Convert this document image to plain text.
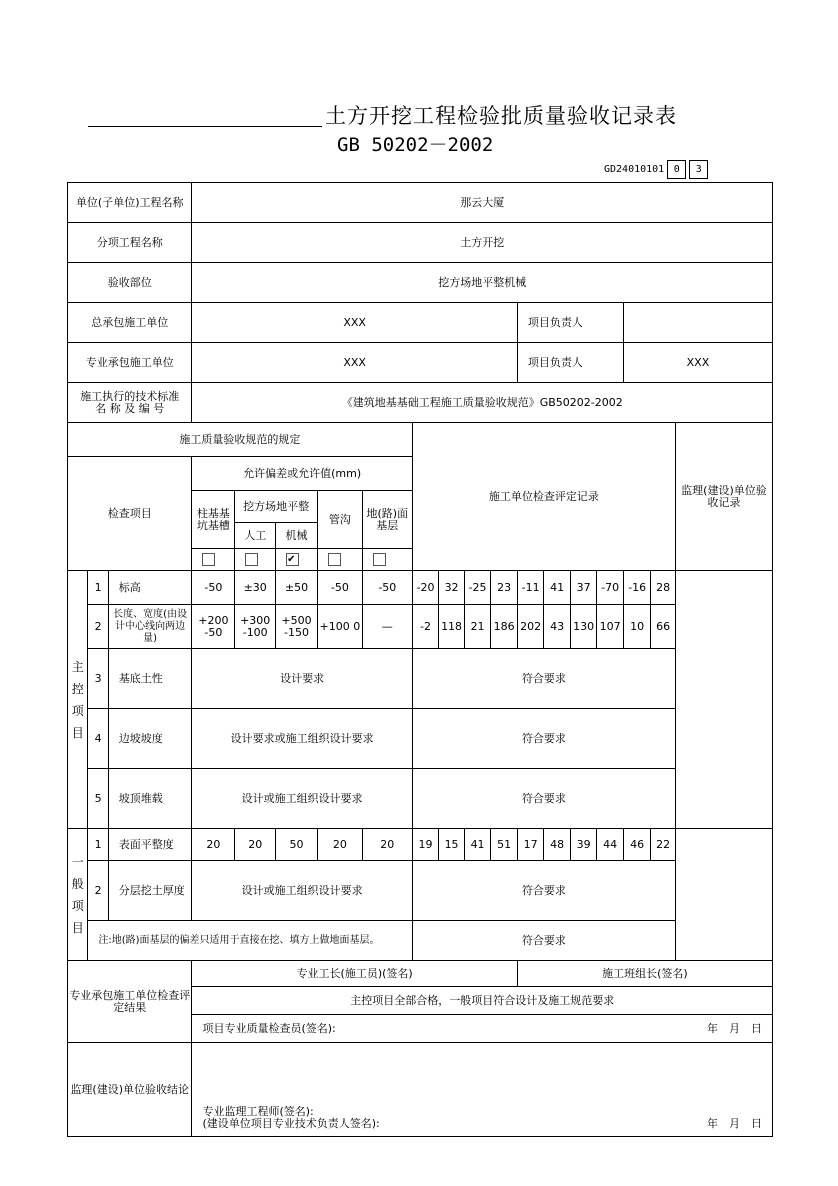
土方开挖工程检验批质量验收记录表
GB 50202－2002
GD24010101 0	3
单位(子单位)工程名称			那云大厦															
分项工程名称			土方开挖															
验收部位			挖方场地平整机械															
总承包施工单位			XXX									项目负责人						
专业承包施工单位			XXX									项目负责人				XXX		

施工执行的技术标准
名 称 及 编 号			《建筑地基基础工程施工质量验收规范》GB50202-2002															
施工质量验收规范的规定								施工单位检查评定记录										监理(建设)单位验收记录
检查项目			允许偏差或允许值(mm)															
			柱基基坑基槽	挖方场地平整		管沟	地(路)面基层											
				人工	机械													
					✔													

主
控
项
目	1	标高	-50	±30	±50	-50	-50	-20	32	-25	23	-11	41	37	-70	-16	28	
	2	长度、宽度(由设计中心线向两边量)	+200 -50	+300 -100	+500 -150	+100 0	—	-2	118	21	186	202	43	130	107	10	66	
	3	基底土性	设计要求					符合要求										
	4	边坡坡度	设计要求或施工组织设计要求					符合要求										
	5	坡顶堆载	设计或施工组织设计要求					符合要求										

一
般
项
目	1	表面平整度	20	20	50	20	20	19	15	41	51	17	48	39	44	46	22	
	2	分层挖土厚度	设计或施工组织设计要求					符合要求										
	注:地(路)面基层的偏差只适用于直接在挖、填方上做地面基层。							符合要求										
专业承包施工单位检查评定结果			专业工长(施工员)(签名)									施工班组长(签名)						
			主控项目全部合格，一般项目符合设计及施工规范要求															

			项目专业质量检查员(签名): 年　月　日															

监理(建设)单位验收结论			专业监理工程师(签名):
(建设单位项目专业技术负责人签名): 年　月　日															
